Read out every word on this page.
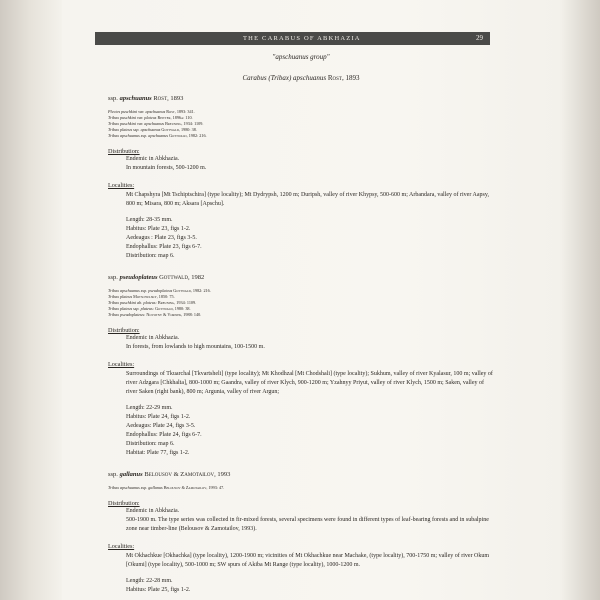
THE CARABUS OF ABKHAZIA	29
"apschuanus group"
Carabus (Tribax) apschuanus Rost, 1893
ssp. apschuanus Rost, 1893
Plectes puschkini var. apschuanus Rost, 1893: 341.
Tribax puschkini var. plateus Reitter, 1896a: 110.
Tribax puschkini var. apschuanus Breuning, 1934: 1109.
Tribax plateus ssp. apschuanus Gottwald, 1980: 38.
Tribax apschuanus ssp. apschuanus Gottwald, 1982: 216.
Distribution:
Endemic in Abkhazia.
In mountain forests, 500-1200 m.
Localities:
Mt Chapshyra [Mt Tschiptschira] (type locality); Mt Dydrypsh, 1200 m; Duripsh, valley of river Khypsy, 500-600 m; Arbandara, valley of river Aapsy, 800 m; Misara, 800 m; Aksara [Apschu].
Length: 28-35 mm.
Habitus: Plate 23, figs 1-2.
Aedeagus : Plate 23, figs 3-5.
Endophallus: Plate 23, figs 6-7.
Distribution: map 6.
ssp. pseudoplateus Gottwald, 1982
Tribax apschuanus ssp. pseudoplateus Gottwald, 1982: 216.
Tribax plateus Motschulsky, 1850: 75.
Tribax puschkini ab. plateus: Breuning, 1934: 1109.
Tribax plateus ssp. plateus: Gottwald, 1980: 38.
Tribax pseudoplateus: Novotny & Vorisek, 1988: 140.
Distribution:
Endemic in Abkhazia.
In forests, from lowlands to high mountains, 100-1500 m.
Localities:
Surroundings of Tkuarchal [Tkvartsheli] (type locality); Mt Khodhzal [Mt Chodshali] (type locality); Sukhum, valley of river Kyalasur, 100 m; valley of river Adzgara [Chkhalta], 800-1000 m; Gaandra, valley of river Klych, 900-1200 m; Yzahnyy Priyut, valley of river Klych, 1500 m; Saken, valley of river Saken (right bank), 800 m; Argunia, valley of river Argun;
Length: 22-29 mm.
Habitus: Plate 24, figs 1-2.
Aedeagus: Plate 24, figs 3-5.
Endophallus: Plate 24, figs 6-7.
Distribution: map 6.
Habitat: Plate 77, figs 1-2.
ssp. gallanus Belousov & Zamotailov, 1993
Tribax apschuanus ssp. gallanus Belousov & Zamotailov, 1993: 47.
Distribution:
Endemic in Abkhazia.
500-1900 m. The type series was collected in fir-mixed forests, several specimens were found in different types of leaf-bearing forests and in subalpine zone near timber-line (Belousov & Zamotailov, 1993).
Localities:
Mt Okhachkue [Okhachka] (type locality), 1200-1900 m; vicinities of Mt Okhachkue near Machake, (type locality), 700-1750 m; valley of river Okum [Okumi] (type locality), 500-1000 m; SW spurs of Akiba Mt Range (type locality), 1000-1200 m.
Length: 22-28 mm.
Habitus: Plate 25, figs 1-2.
